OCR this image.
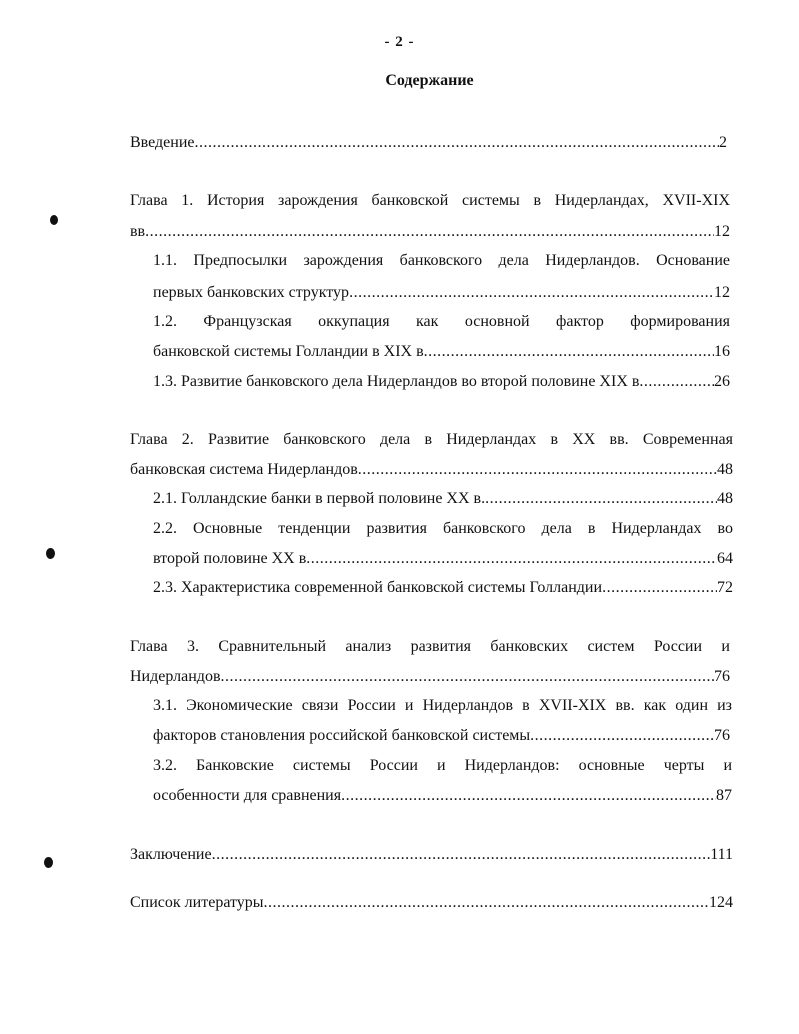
- 2 -
Содержание
Введение .....	2
Глава 1. История зарождения банковской системы в Нидерландах, XVII-XIX
вв .....	12
1.1. Предпосылки зарождения банковского дела Нидерландов. Основание
первых банковских структур .....	12
1.2. Французская оккупация как основной фактор формирования
банковской системы Голландии в XIX в .....	16
1.3. Развитие банковского дела Нидерландов во второй половине XIX в .....	26
Глава 2. Развитие банковского дела в Нидерландах в XX вв. Современная
банковская система Нидерландов .....	48
2.1. Голландские банки в первой половине XX в. .....	48
2.2. Основные тенденции развития банковского дела в Нидерландах во
второй половине XX в .....	64
2.3. Характеристика современной банковской системы Голландии .....	72
Глава 3. Сравнительный анализ развития банковских систем России и
Нидерландов .....	76
3.1. Экономические связи России и Нидерландов в XVII-XIX вв. как один из
факторов становления российской банковской системы .....	76
3.2. Банковские системы России и Нидерландов: основные черты и
особенности для сравнения .....	87
Заключение .....	111
Список литературы .....	124
